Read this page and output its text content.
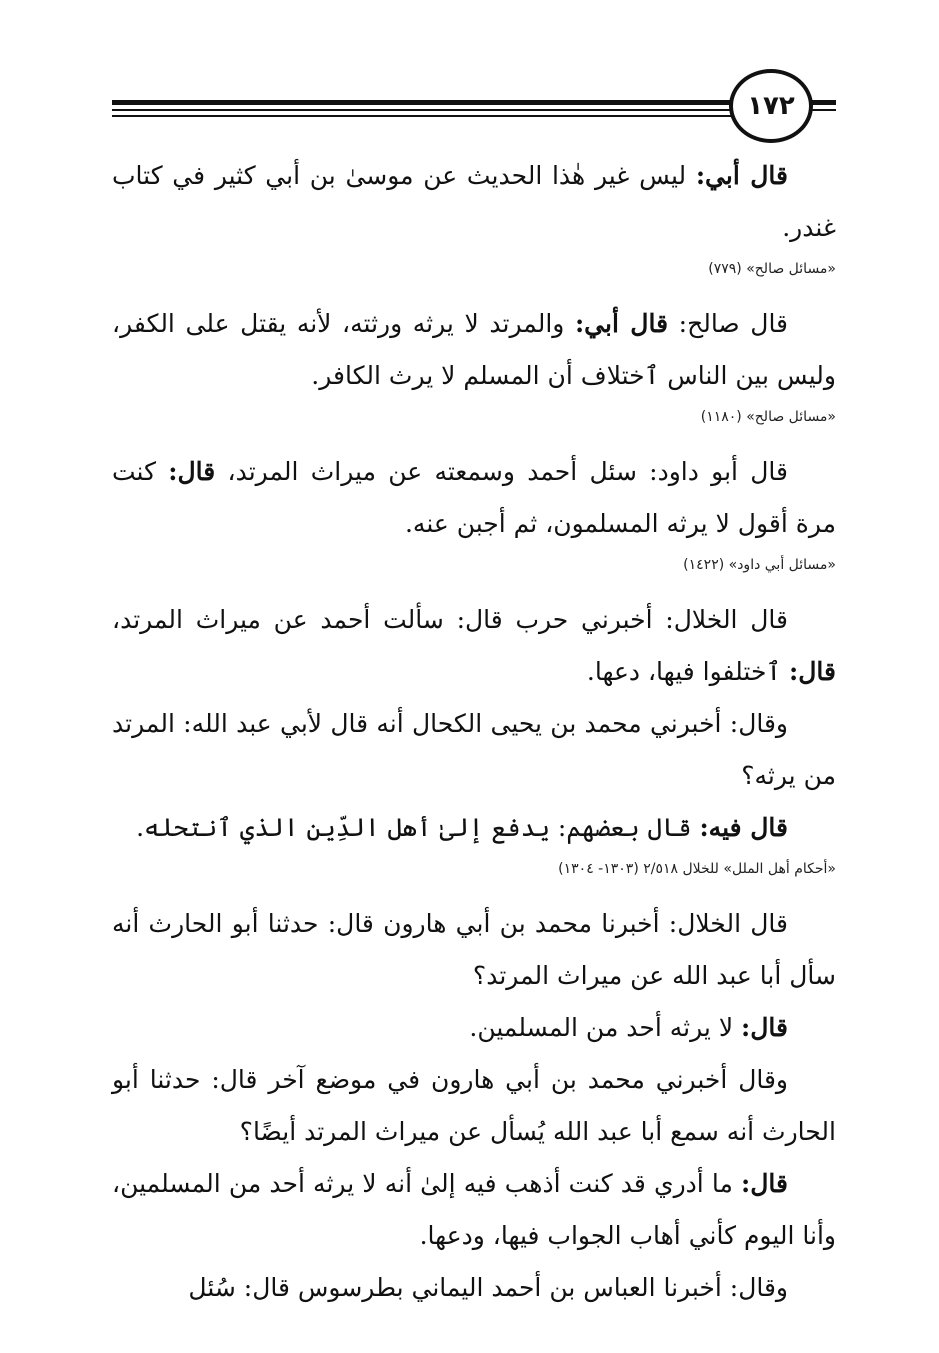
١٧٢

قال أبي: ليس غير هٰذا الحديث عن موسىٰ بن أبي كثير في كتاب غندر.

«مسائل صالح» (٧٧٩)

قال صالح: قال أبي: والمرتد لا يرثه ورثته، لأنه يقتل على الكفر، وليس بين الناس ٱختلاف أن المسلم لا يرث الكافر.

«مسائل صالح» (١١٨٠)

قال أبو داود: سئل أحمد وسمعته عن ميراث المرتد، قال: كنت مرة أقول لا يرثه المسلمون، ثم أجبن عنه.

«مسائل أبي داود» (١٤٢٢)

قال الخلال: أخبرني حرب قال: سألت أحمد عن ميراث المرتد، قال: ٱختلفوا فيها، دعها.

وقال: أخبرني محمد بن يحيى الكحال أنه قال لأبي عبد الله: المرتد من يرثه؟

قال فيه: قال بعضهم: يدفع إلىٰ أهل الدِّين الذي ٱنتحله.

«أحكام أهل الملل» للخلال ٢/٥١٨ (١٣٠٣- ١٣٠٤)

قال الخلال: أخبرنا محمد بن أبي هارون قال: حدثنا أبو الحارث أنه سأل أبا عبد الله عن ميراث المرتد؟

قال: لا يرثه أحد من المسلمين.

وقال أخبرني محمد بن أبي هارون في موضع آخر قال: حدثنا أبو الحارث أنه سمع أبا عبد الله يُسأل عن ميراث المرتد أيضًا؟

قال: ما أدري قد كنت أذهب فيه إلىٰ أنه لا يرثه أحد من المسلمين، وأنا اليوم كأني أهاب الجواب فيها، ودعها.

وقال: أخبرنا العباس بن أحمد اليماني بطرسوس قال: سُئل
